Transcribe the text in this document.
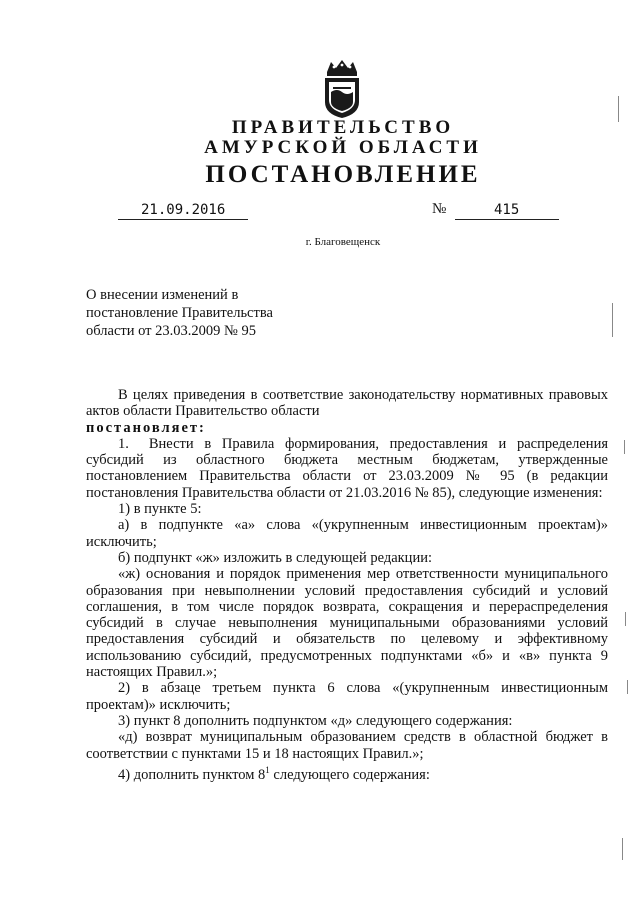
ПРАВИТЕЛЬСТВО
АМУРСКОЙ ОБЛАСТИ
ПОСТАНОВЛЕНИЕ
21.09.2016	№	415
г. Благовещенск
О внесении изменений в
постановление Правительства
области от 23.03.2009 № 95

В целях приведения в соответствие законодательству нормативных правовых актов области Правительство области

постановляет:

1. Внести в Правила формирования, предоставления и распределения субсидий из областного бюджета местным бюджетам, утвержденные постановлением Правительства области от 23.03.2009 № 95 (в редакции постановления Правительства области от 21.03.2016 № 85), следующие изменения:

1) в пункте 5:

а) в подпункте «а» слова «(укрупненным инвестиционным проектам)» исключить;

б) подпункт «ж» изложить в следующей редакции:

«ж) основания и порядок применения мер ответственности муниципального образования при невыполнении условий предоставления субсидий и условий соглашения, в том числе порядок возврата, сокращения и перераспределения субсидий в случае невыполнения муниципальными образованиями условий предоставления субсидий и обязательств по целевому и эффективному использованию субсидий, предусмотренных подпунктами «б» и «в» пункта 9 настоящих Правил.»;

2) в абзаце третьем пункта 6 слова «(укрупненным инвестиционным проектам)» исключить;

3) пункт 8 дополнить подпунктом «д» следующего содержания:

«д) возврат муниципальным образованием средств в областной бюджет в соответствии с пунктами 15 и 18 настоящих Правил.»;

4) дополнить пунктом $8^1$ следующего содержания:
